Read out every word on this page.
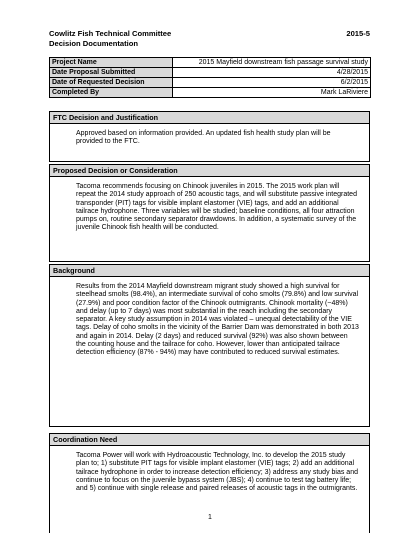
Cowlitz Fish Technical Committee	2015-5
Decision Documentation
Project Name	2015 Mayfield downstream fish passage survival study
Date Proposal Submitted	4/28/2015
Date of Requested Decision	6/2/2015
Completed By	Mark LaRiviere
FTC Decision and Justification
Approved based on information provided. An updated fish health study plan will be provided to the FTC.
Proposed Decision or Consideration
Tacoma recommends focusing on Chinook juveniles in 2015. The 2015 work plan will repeat the 2014 study approach of 250 acoustic tags, and will substitute passive integrated transponder (PIT) tags for visible implant elastomer (VIE) tags, and add an additional tailrace hydrophone. Three variables will be studied; baseline conditions, all four attraction pumps on, routine secondary separator drawdowns. In addition, a systematic survey of the juvenile Chinook fish health will be conducted.
Background
Results from the 2014 Mayfield downstream migrant study showed a high survival for steelhead smolts (98.4%), an intermediate survival of coho smolts (79.8%) and low survival (27.9%) and poor condition factor of the Chinook outmigrants. Chinook mortality (~48%) and delay (up to 7 days) was most substantial in the reach including the secondary separator. A key study assumption in 2014 was violated – unequal detectability of the VIE tags. Delay of coho smolts in the vicinity of the Barrier Dam was demonstrated in both 2013 and again in 2014. Delay (2 days) and reduced survival (92%) was also shown between the counting house and the tailrace for coho. However, lower than anticipated tailrace detection efficiency (87% - 94%) may have contributed to reduced survival estimates.
Coordination Need
Tacoma Power will work with Hydroacoustic Technology, Inc. to develop the 2015 study plan to; 1) substitute PIT tags for visible implant elastomer (VIE) tags; 2) add an additional tailrace hydrophone in order to increase detection efficiency; 3) address any study bias and continue to focus on the juvenile bypass system (JBS); 4) continue to test tag battery life; and 5) continue with single release and paired releases of acoustic tags in the outmigrants.
1
